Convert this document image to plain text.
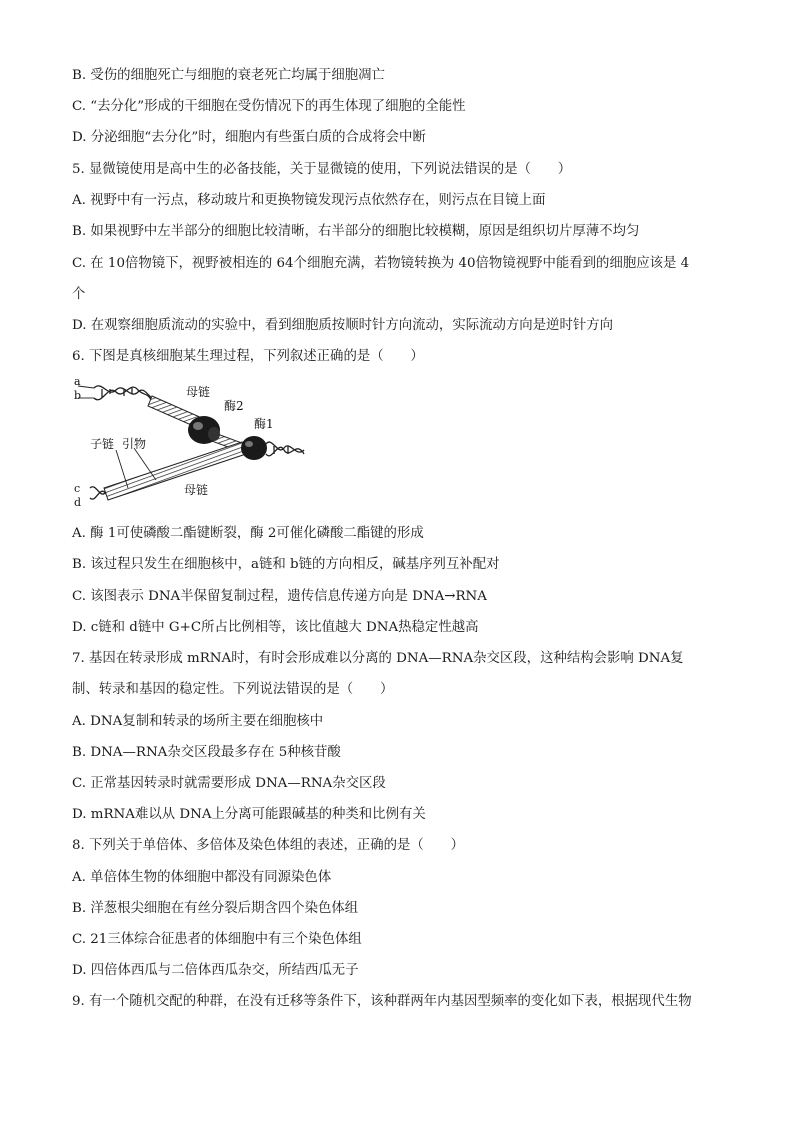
B. 受伤的细胞死亡与细胞的衰老死亡均属于细胞凋亡
C. “去分化”形成的干细胞在受伤情况下的再生体现了细胞的全能性
D. 分泌细胞“去分化”时，细胞内有些蛋白质的合成将会中断
5. 显微镜使用是高中生的必备技能，关于显微镜的使用，下列说法错误的是（　　）
A. 视野中有一污点，移动玻片和更换物镜发现污点依然存在，则污点在目镜上面
B. 如果视野中左半部分的细胞比较清晰，右半部分的细胞比较模糊，原因是组织切片厚薄不均匀
C. 在 10倍物镜下，视野被相连的 64个细胞充满，若物镜转换为 40倍物镜视野中能看到的细胞应该是 4
个
D. 在观察细胞质流动的实验中，看到细胞质按顺时针方向流动，实际流动方向是逆时针方向
6. 下图是真核细胞某生理过程，下列叙述正确的是（　　）
a
b	母链
酶2
酶1
子链 引物
c
d
母链
A. 酶 1可使磷酸二酯键断裂，酶 2可催化磷酸二酯键的形成
B. 该过程只发生在细胞核中，a链和 b链的方向相反，碱基序列互补配对
C. 该图表示 DNA半保留复制过程，遗传信息传递方向是 DNA→RNA
D. c链和 d链中 G+C所占比例相等，该比值越大 DNA热稳定性越高
7. 基因在转录形成 mRNA时，有时会形成难以分离的 DNA—RNA杂交区段，这种结构会影响 DNA复
制、转录和基因的稳定性。下列说法错误的是（　　）
A. DNA复制和转录的场所主要在细胞核中
B. DNA—RNA杂交区段最多存在 5种核苷酸
C. 正常基因转录时就需要形成 DNA—RNA杂交区段
D. mRNA难以从 DNA上分离可能跟碱基的种类和比例有关
8. 下列关于单倍体、多倍体及染色体组的表述，正确的是（　　）
A. 单倍体生物的体细胞中都没有同源染色体
B. 洋葱根尖细胞在有丝分裂后期含四个染色体组
C. 21三体综合征患者的体细胞中有三个染色体组
D. 四倍体西瓜与二倍体西瓜杂交，所结西瓜无子
9. 有一个随机交配的种群，在没有迁移等条件下，该种群两年内基因型频率的变化如下表，根据现代生物
